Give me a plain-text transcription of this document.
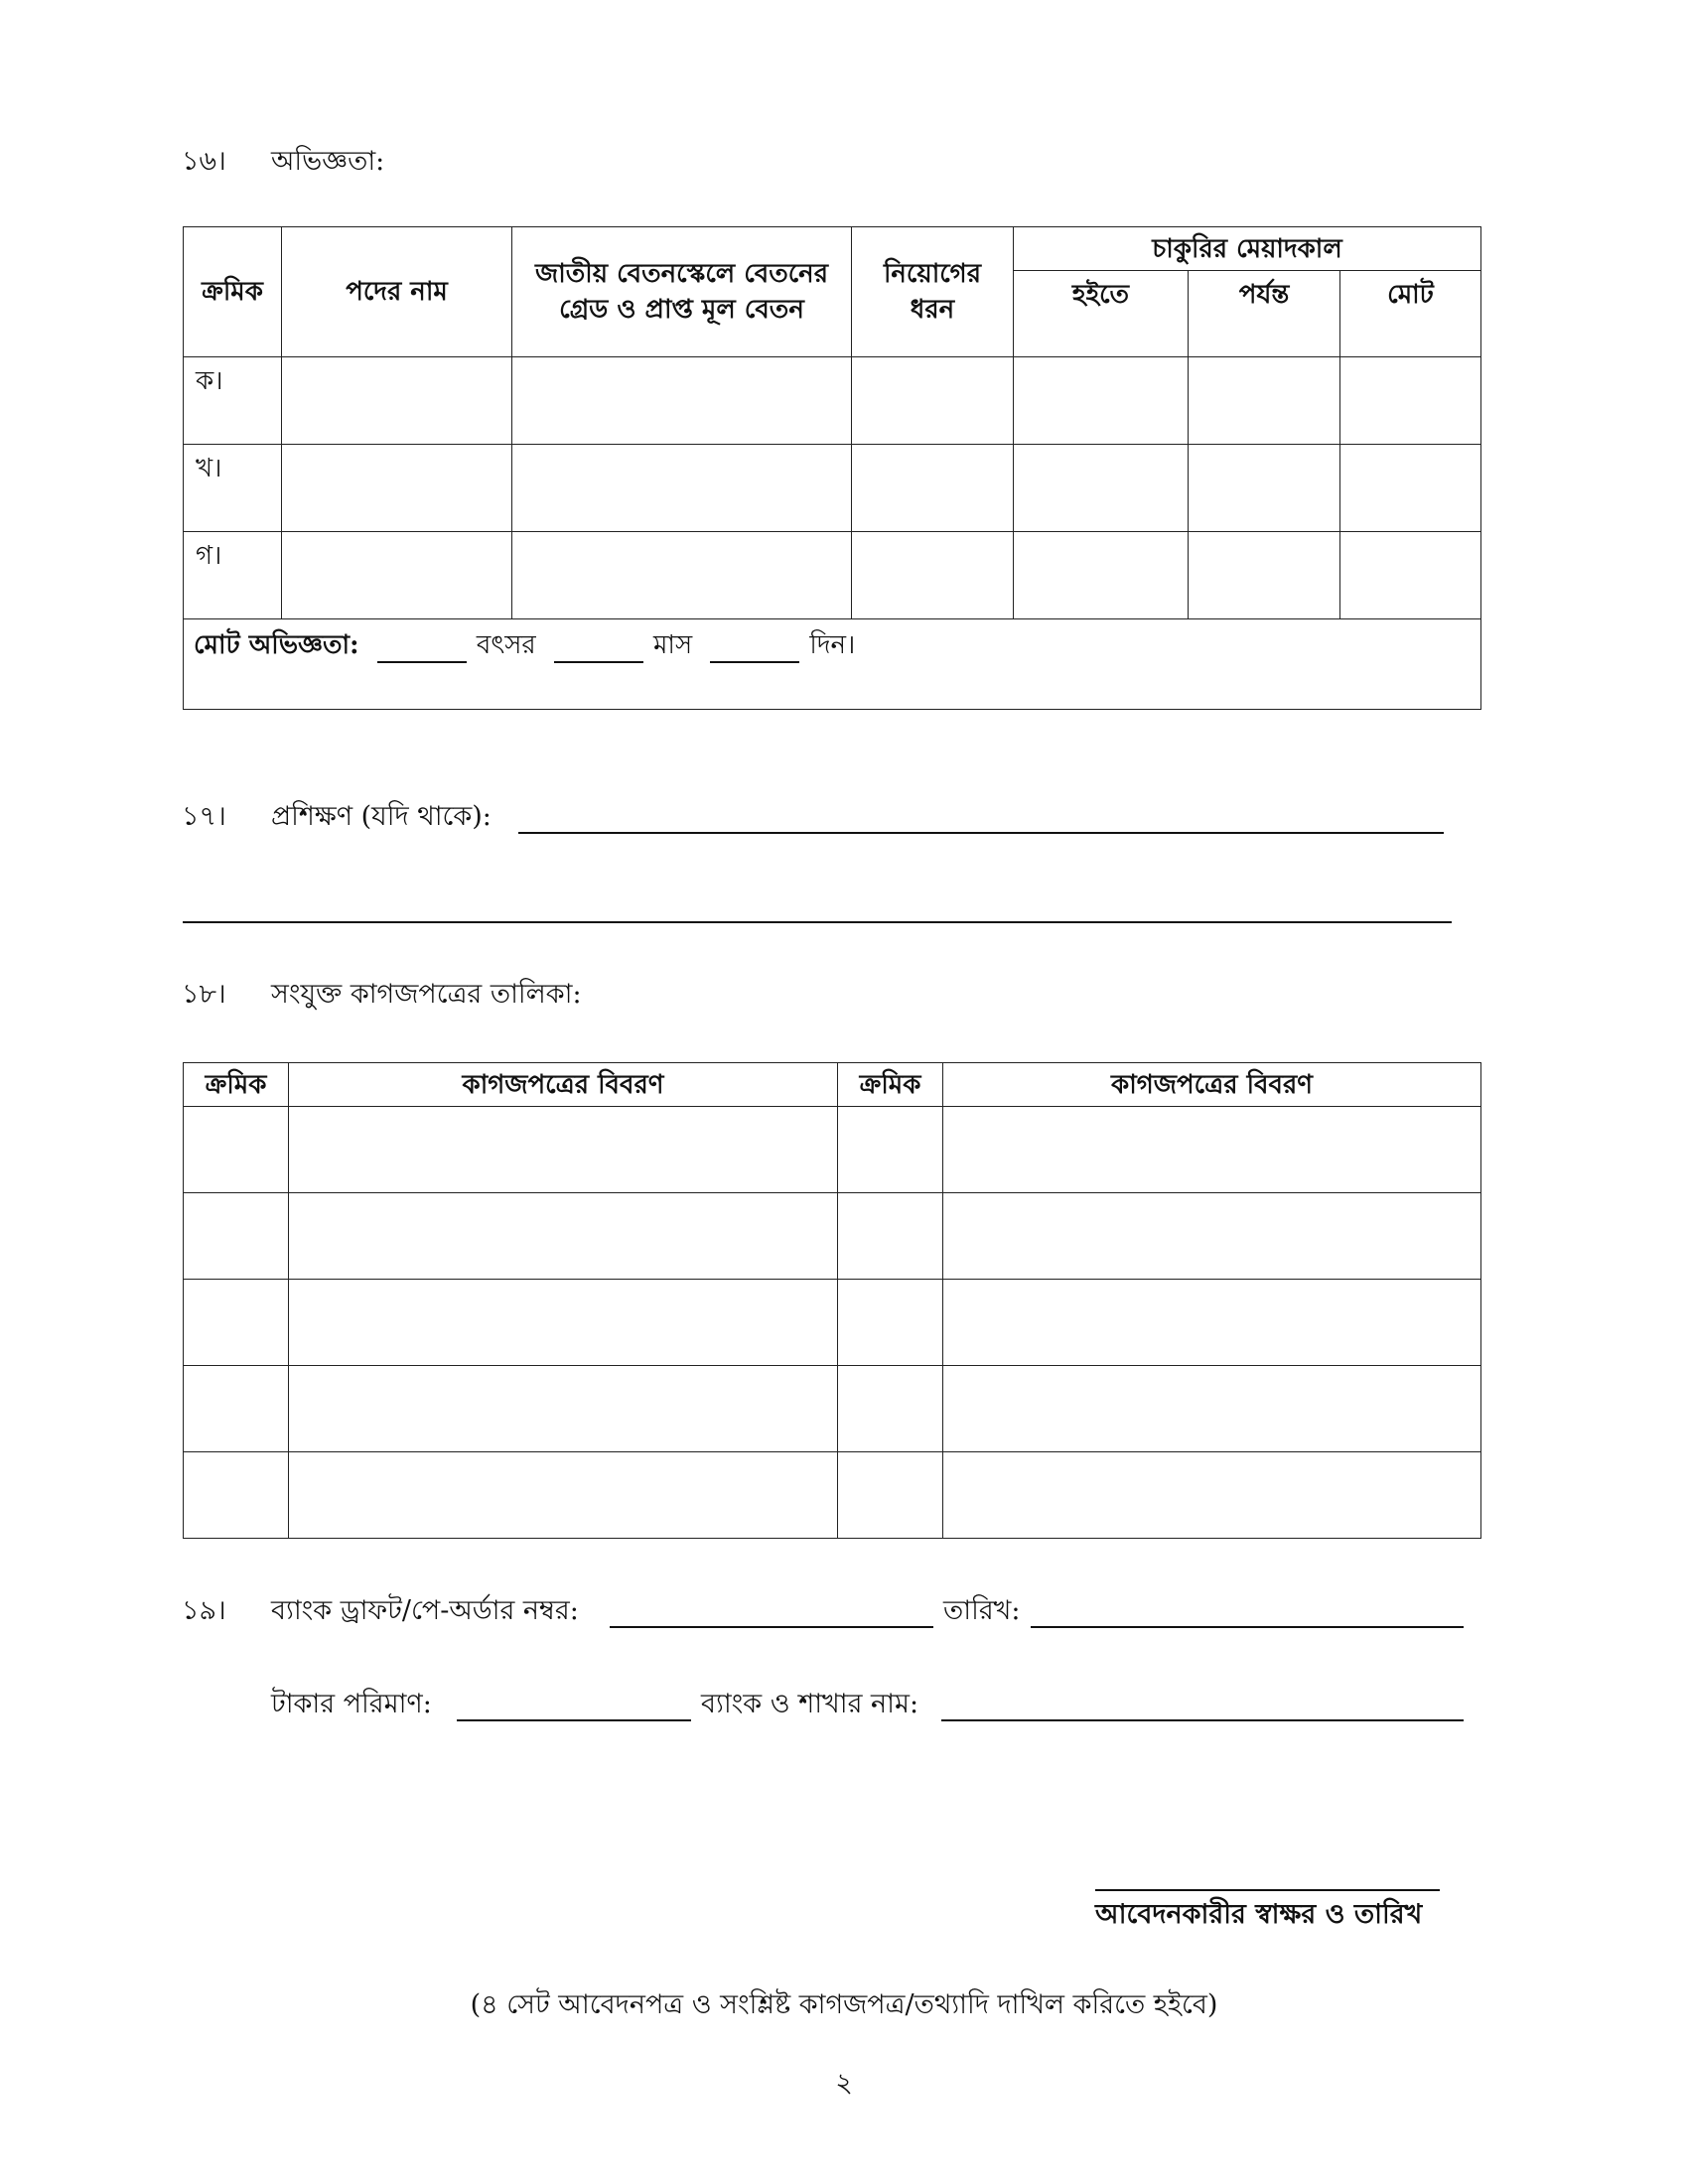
১৬। অভিজ্ঞতা:
ক্রমিক	পদের নাম	জাতীয় বেতনস্কেলে বেতনের গ্রেড ও প্রাপ্ত মূল বেতন	নিয়োগের ধরন	চাকুরির মেয়াদকাল		
				হইতে	পর্যন্ত	মোট
ক।						
খ।						
গ।						
মোট অভিজ্ঞতা: বৎসর মাস দিন।						
১৭। প্রশিক্ষণ (যদি থাকে):
১৮। সংযুক্ত কাগজপত্রের তালিকা:
ক্রমিক	কাগজপত্রের বিবরণ	ক্রমিক	কাগজপত্রের বিবরণ

১৯। ব্যাংক ড্রাফট/পে-অর্ডার নম্বর:	তারিখ:
টাকার পরিমাণ:	ব্যাংক ও শাখার নাম:
আবেদনকারীর স্বাক্ষর ও তারিখ
(৪ সেট আবেদনপত্র ও সংশ্লিষ্ট কাগজপত্র/তথ্যাদি দাখিল করিতে হইবে)
২
